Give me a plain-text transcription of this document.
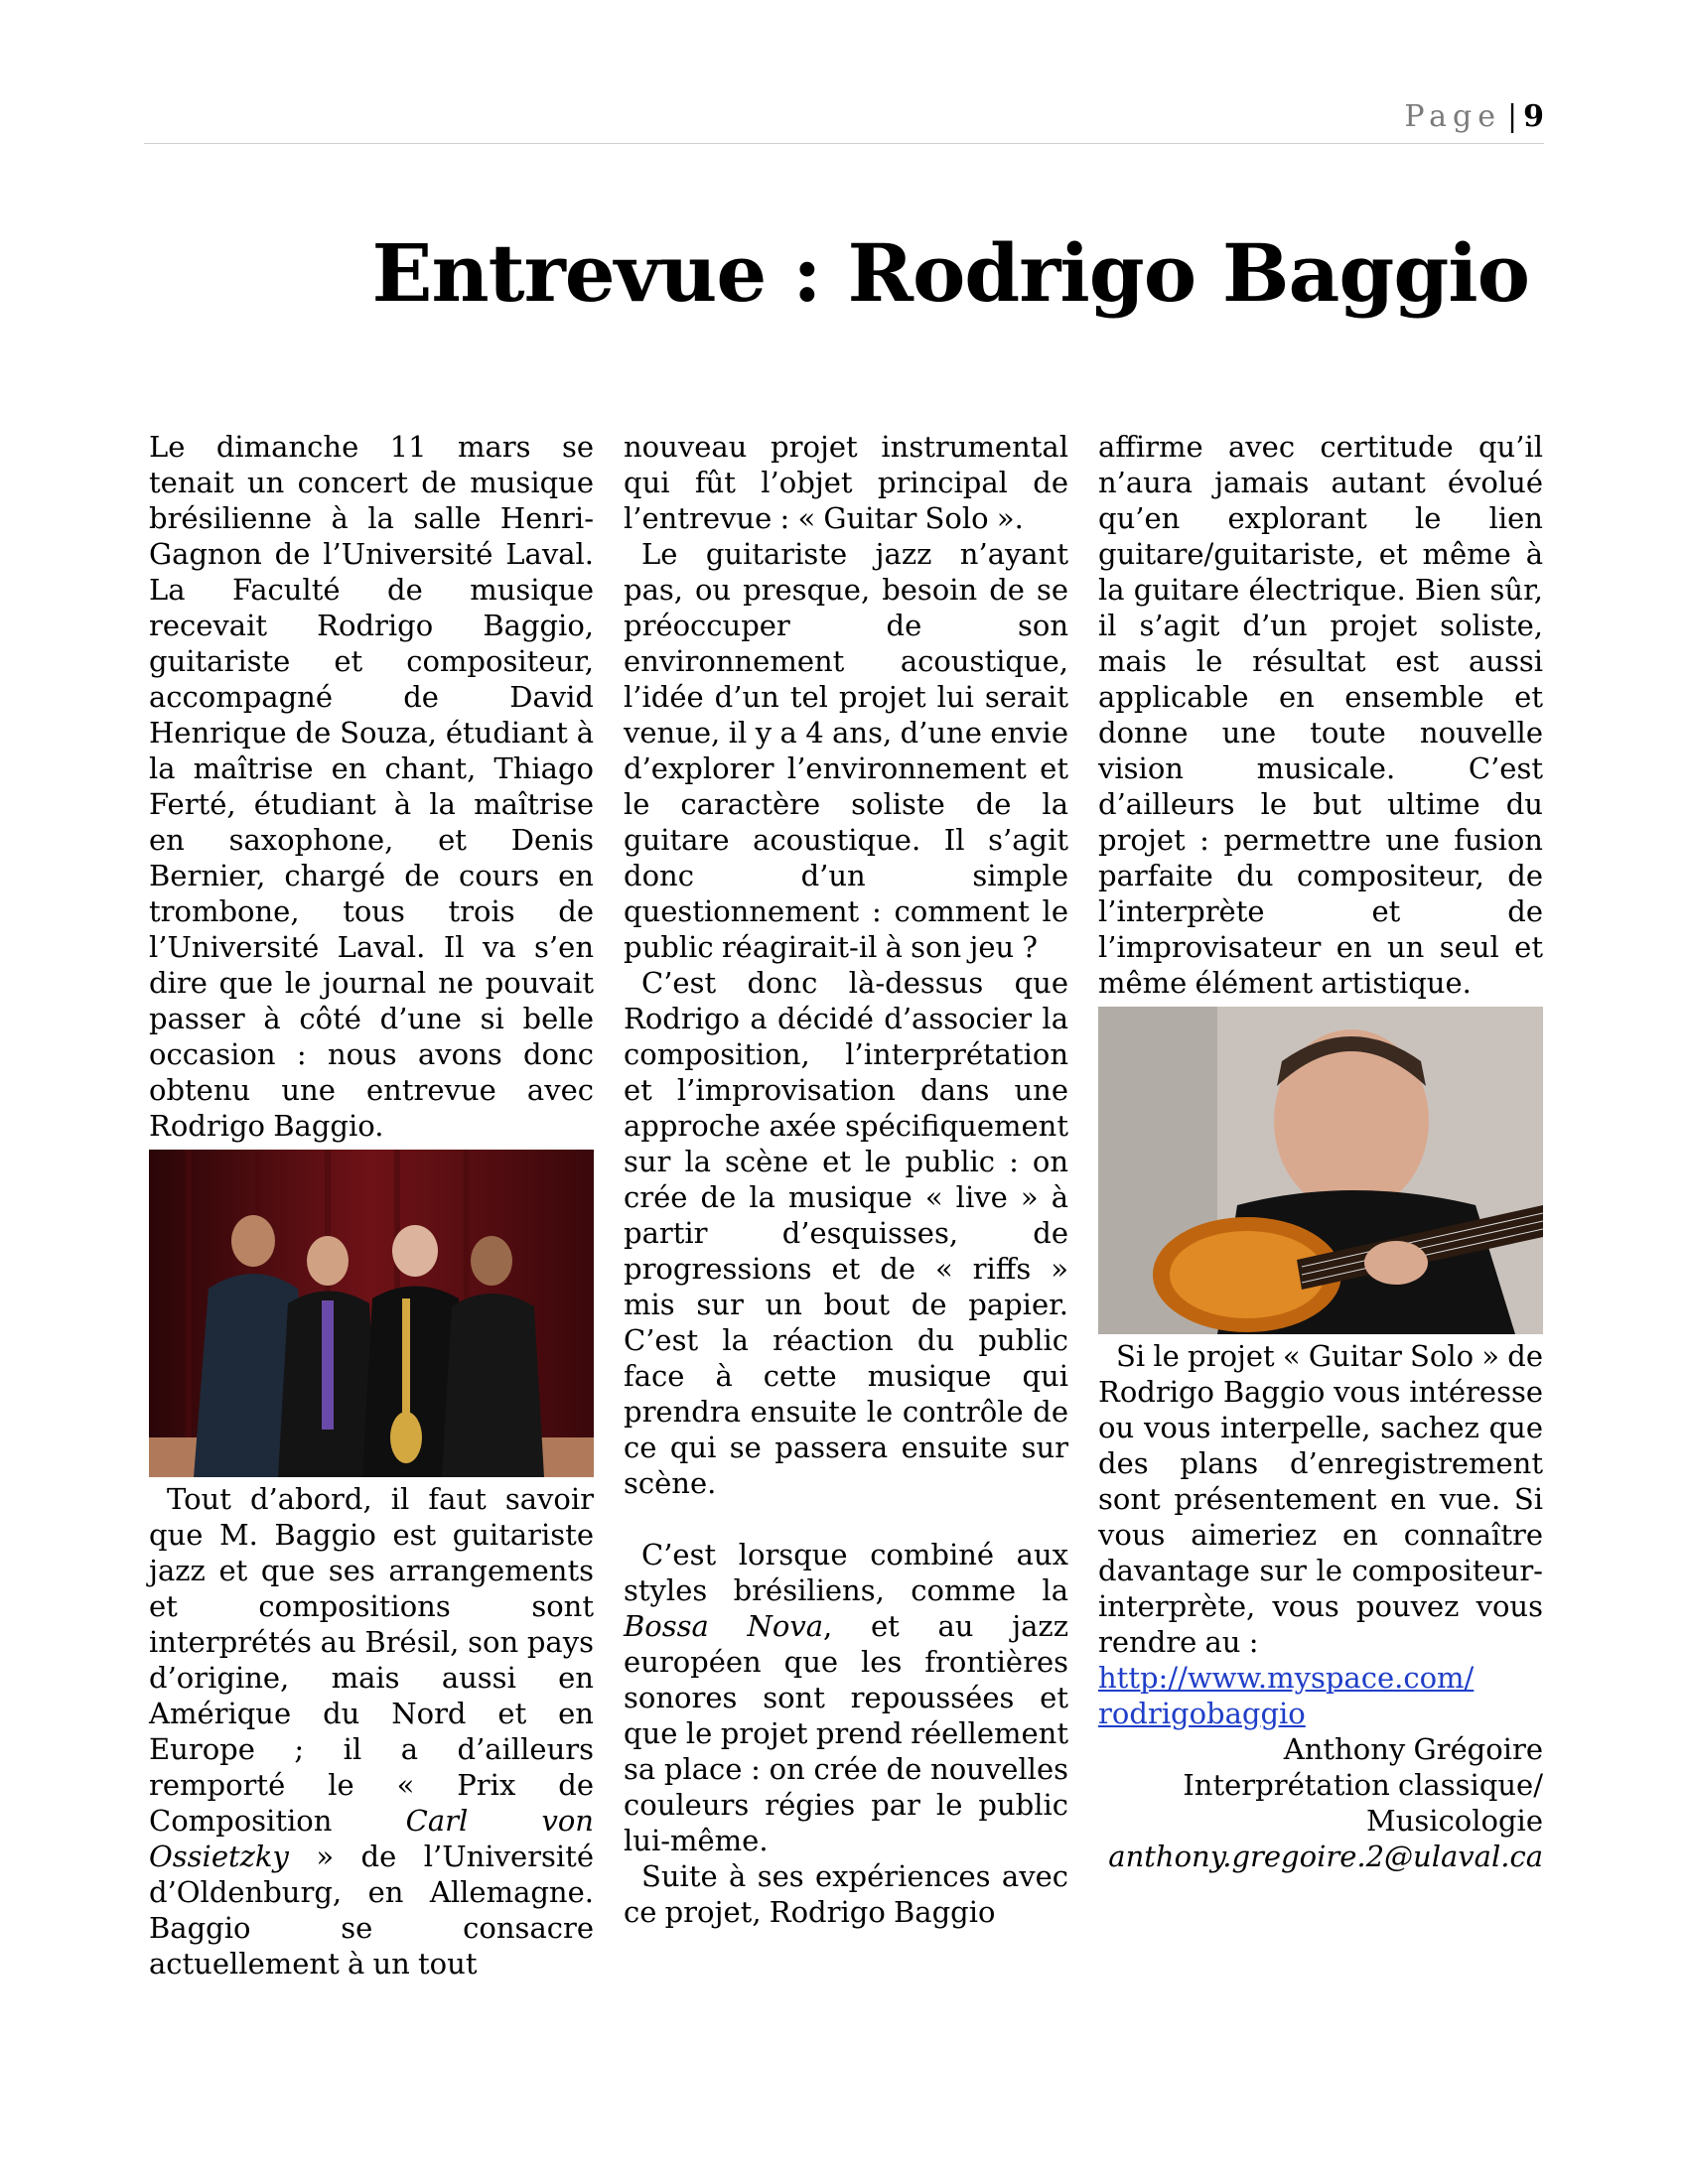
Page | 9
Entrevue : Rodrigo Baggio

Le dimanche 11 mars se tenait un concert de musique brésilienne à la salle Henri-Gagnon de l’Université Laval. La Faculté de musique recevait Rodrigo Baggio, guitariste et compositeur, accompagné de David Henrique de Souza, étudiant à la maîtrise en chant, Thiago Ferté, étudiant à la maîtrise en saxophone, et Denis Bernier, chargé de cours en trombone, tous trois de l’Université Laval. Il va s’en dire que le journal ne pouvait passer à côté d’une si belle occasion : nous avons donc obtenu une entrevue avec Rodrigo Baggio.

Tout d’abord, il faut savoir que M. Baggio est guitariste jazz et que ses arrangements et compositions sont interprétés au Brésil, son pays d’origine, mais aussi en Amérique du Nord et en Europe ; il a d’ailleurs remporté le « Prix de Composition Carl von Ossietzky » de l’Université d’Oldenburg, en Allemagne. Baggio se consacre actuellement à un tout

nouveau projet instrumental qui fût l’objet principal de l’entrevue : « Guitar Solo ».

Le guitariste jazz n’ayant pas, ou presque, besoin de se préoccuper de son environnement acoustique, l’idée d’un tel projet lui serait venue, il y a 4 ans, d’une envie d’explorer l’environnement et le caractère soliste de la guitare acoustique. Il s’agit donc d’un simple questionnement : comment le public réagirait-il à son jeu ?

C’est donc là-dessus que Rodrigo a décidé d’associer la composition, l’interprétation et l’improvisation dans une approche axée spécifiquement sur la scène et le public : on crée de la musique « live » à partir d’esquisses, de progressions et de « riffs » mis sur un bout de papier. C’est la réaction du public face à cette musique qui prendra ensuite le contrôle de ce qui se passera ensuite sur scène.

C’est lorsque combiné aux styles brésiliens, comme la Bossa Nova, et au jazz européen que les frontières sonores sont repoussées et que le projet prend réellement sa place : on crée de nouvelles couleurs régies par le public lui-même.

Suite à ses expériences avec ce projet, Rodrigo Baggio

affirme avec certitude qu’il n’aura jamais autant évolué qu’en explorant le lien guitare/guitariste, et même à la guitare électrique. Bien sûr, il s’agit d’un projet soliste, mais le résultat est aussi applicable en ensemble et donne une toute nouvelle vision musicale. C’est d’ailleurs le but ultime du projet : permettre une fusion parfaite du compositeur, de l’interprète et de l’improvisateur en un seul et même élément artistique.

Si le projet « Guitar Solo » de Rodrigo Baggio vous intéresse ou vous interpelle, sachez que des plans d’enregistrement sont présentement en vue. Si vous aimeriez en connaître davantage sur le compositeur-interprète, vous pouvez vous rendre au :

http://www.myspace.com/
rodrigobaggio

Anthony Grégoire

Interprétation classique/

Musicologie

anthony.gregoire.2@ulaval.ca
